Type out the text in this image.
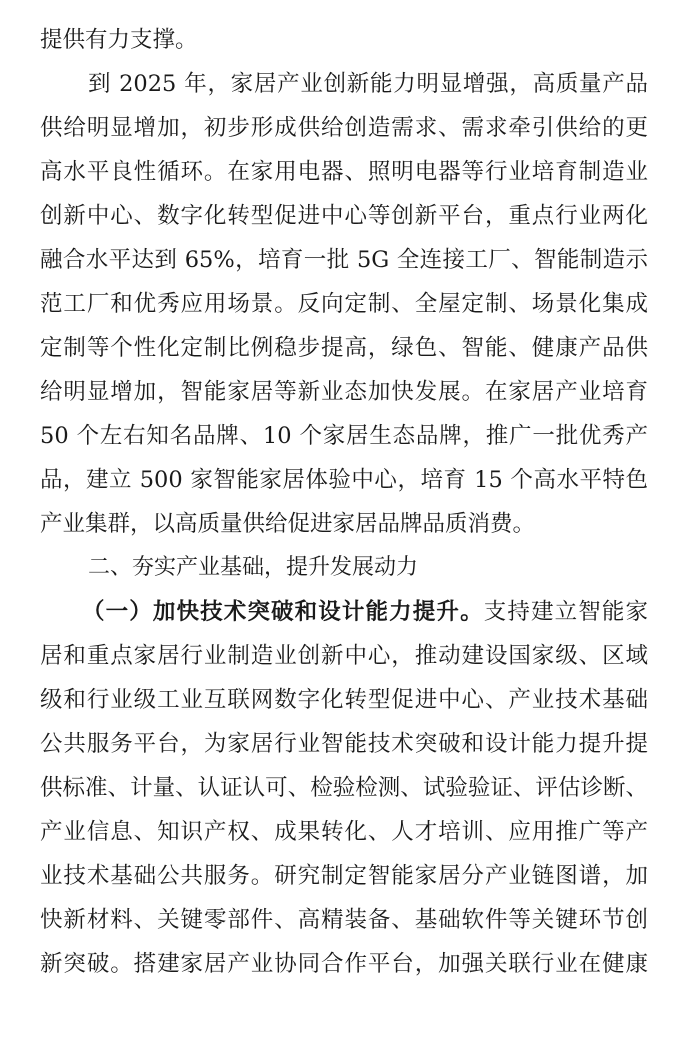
提供有力支撑。
到 2025 年，家居产业创新能力明显增强，高质量产品
供给明显增加，初步形成供给创造需求、需求牵引供给的更
高水平良性循环。在家用电器、照明电器等行业培育制造业
创新中心、数字化转型促进中心等创新平台，重点行业两化
融合水平达到 65%，培育一批 5G 全连接工厂、智能制造示
范工厂和优秀应用场景。反向定制、全屋定制、场景化集成
定制等个性化定制比例稳步提高，绿色、智能、健康产品供
给明显增加，智能家居等新业态加快发展。在家居产业培育
50 个左右知名品牌、10 个家居生态品牌，推广一批优秀产
品，建立 500 家智能家居体验中心，培育 15 个高水平特色
产业集群，以高质量供给促进家居品牌品质消费。
二、夯实产业基础，提升发展动力
（一）加快技术突破和设计能力提升。支持建立智能家
居和重点家居行业制造业创新中心，推动建设国家级、区域
级和行业级工业互联网数字化转型促进中心、产业技术基础
公共服务平台，为家居行业智能技术突破和设计能力提升提
供标准、计量、认证认可、检验检测、试验验证、评估诊断、
产业信息、知识产权、成果转化、人才培训、应用推广等产
业技术基础公共服务。研究制定智能家居分产业链图谱，加
快新材料、关键零部件、高精装备、基础软件等关键环节创
新突破。搭建家居产业协同合作平台，加强关联行业在健康
